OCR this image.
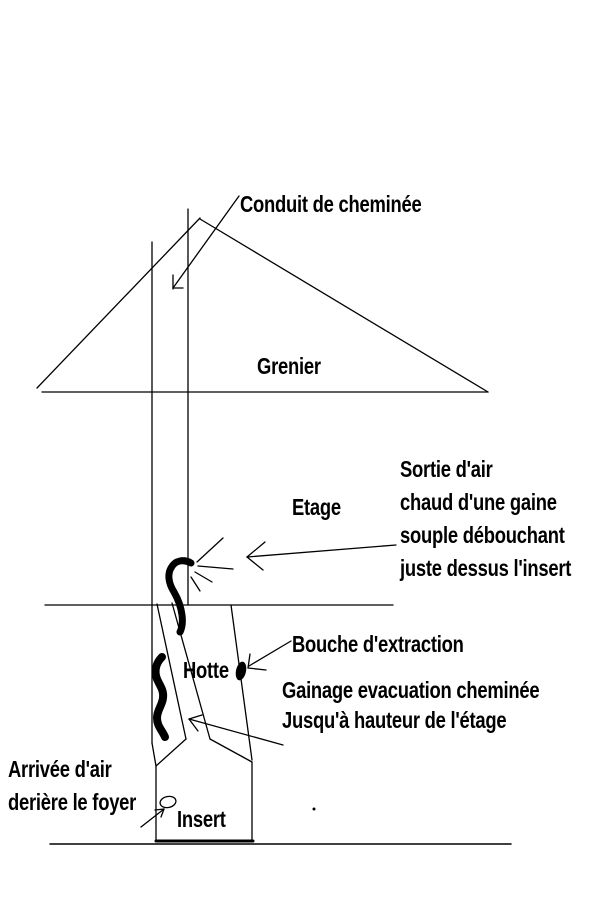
Conduit de cheminée
Grenier
Etage
Sortie d'air
chaud d'une gaine
souple débouchant
juste dessus l'insert
Bouche d'extraction
Hotte
Gainage evacuation cheminée
Jusqu'à hauteur de l'étage
Arrivée d'air
derière le foyer
Insert
